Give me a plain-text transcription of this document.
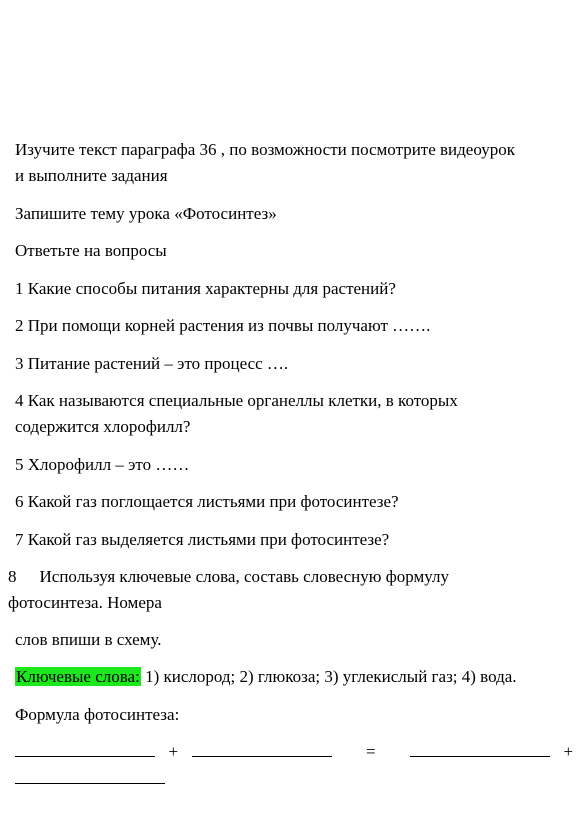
Изучите текст параграфа 36 , по возможности посмотрите видеоурок
и выполните задания
Запишите тему урока «Фотосинтез»
Ответьте на вопросы
1 Какие способы питания характерны для растений?
2 При помощи корней растения из почвы получают …….
3 Питание растений – это процесс ….
4 Как называются специальные органеллы клетки, в которых
содержится хлорофилл?
5 Хлорофилл – это ……
6 Какой газ поглощается листьями при фотосинтезе?
7 Какой газ выделяется листьями при фотосинтезе?
8 Используя ключевые слова, составь словесную формулу
фотосинтеза. Номера
слов впиши в схему.
Ключевые слова: 1) кислород; 2) глюкоза; 3) углекислый газ; 4) вода.
Формула фотосинтеза:
+	=	+
